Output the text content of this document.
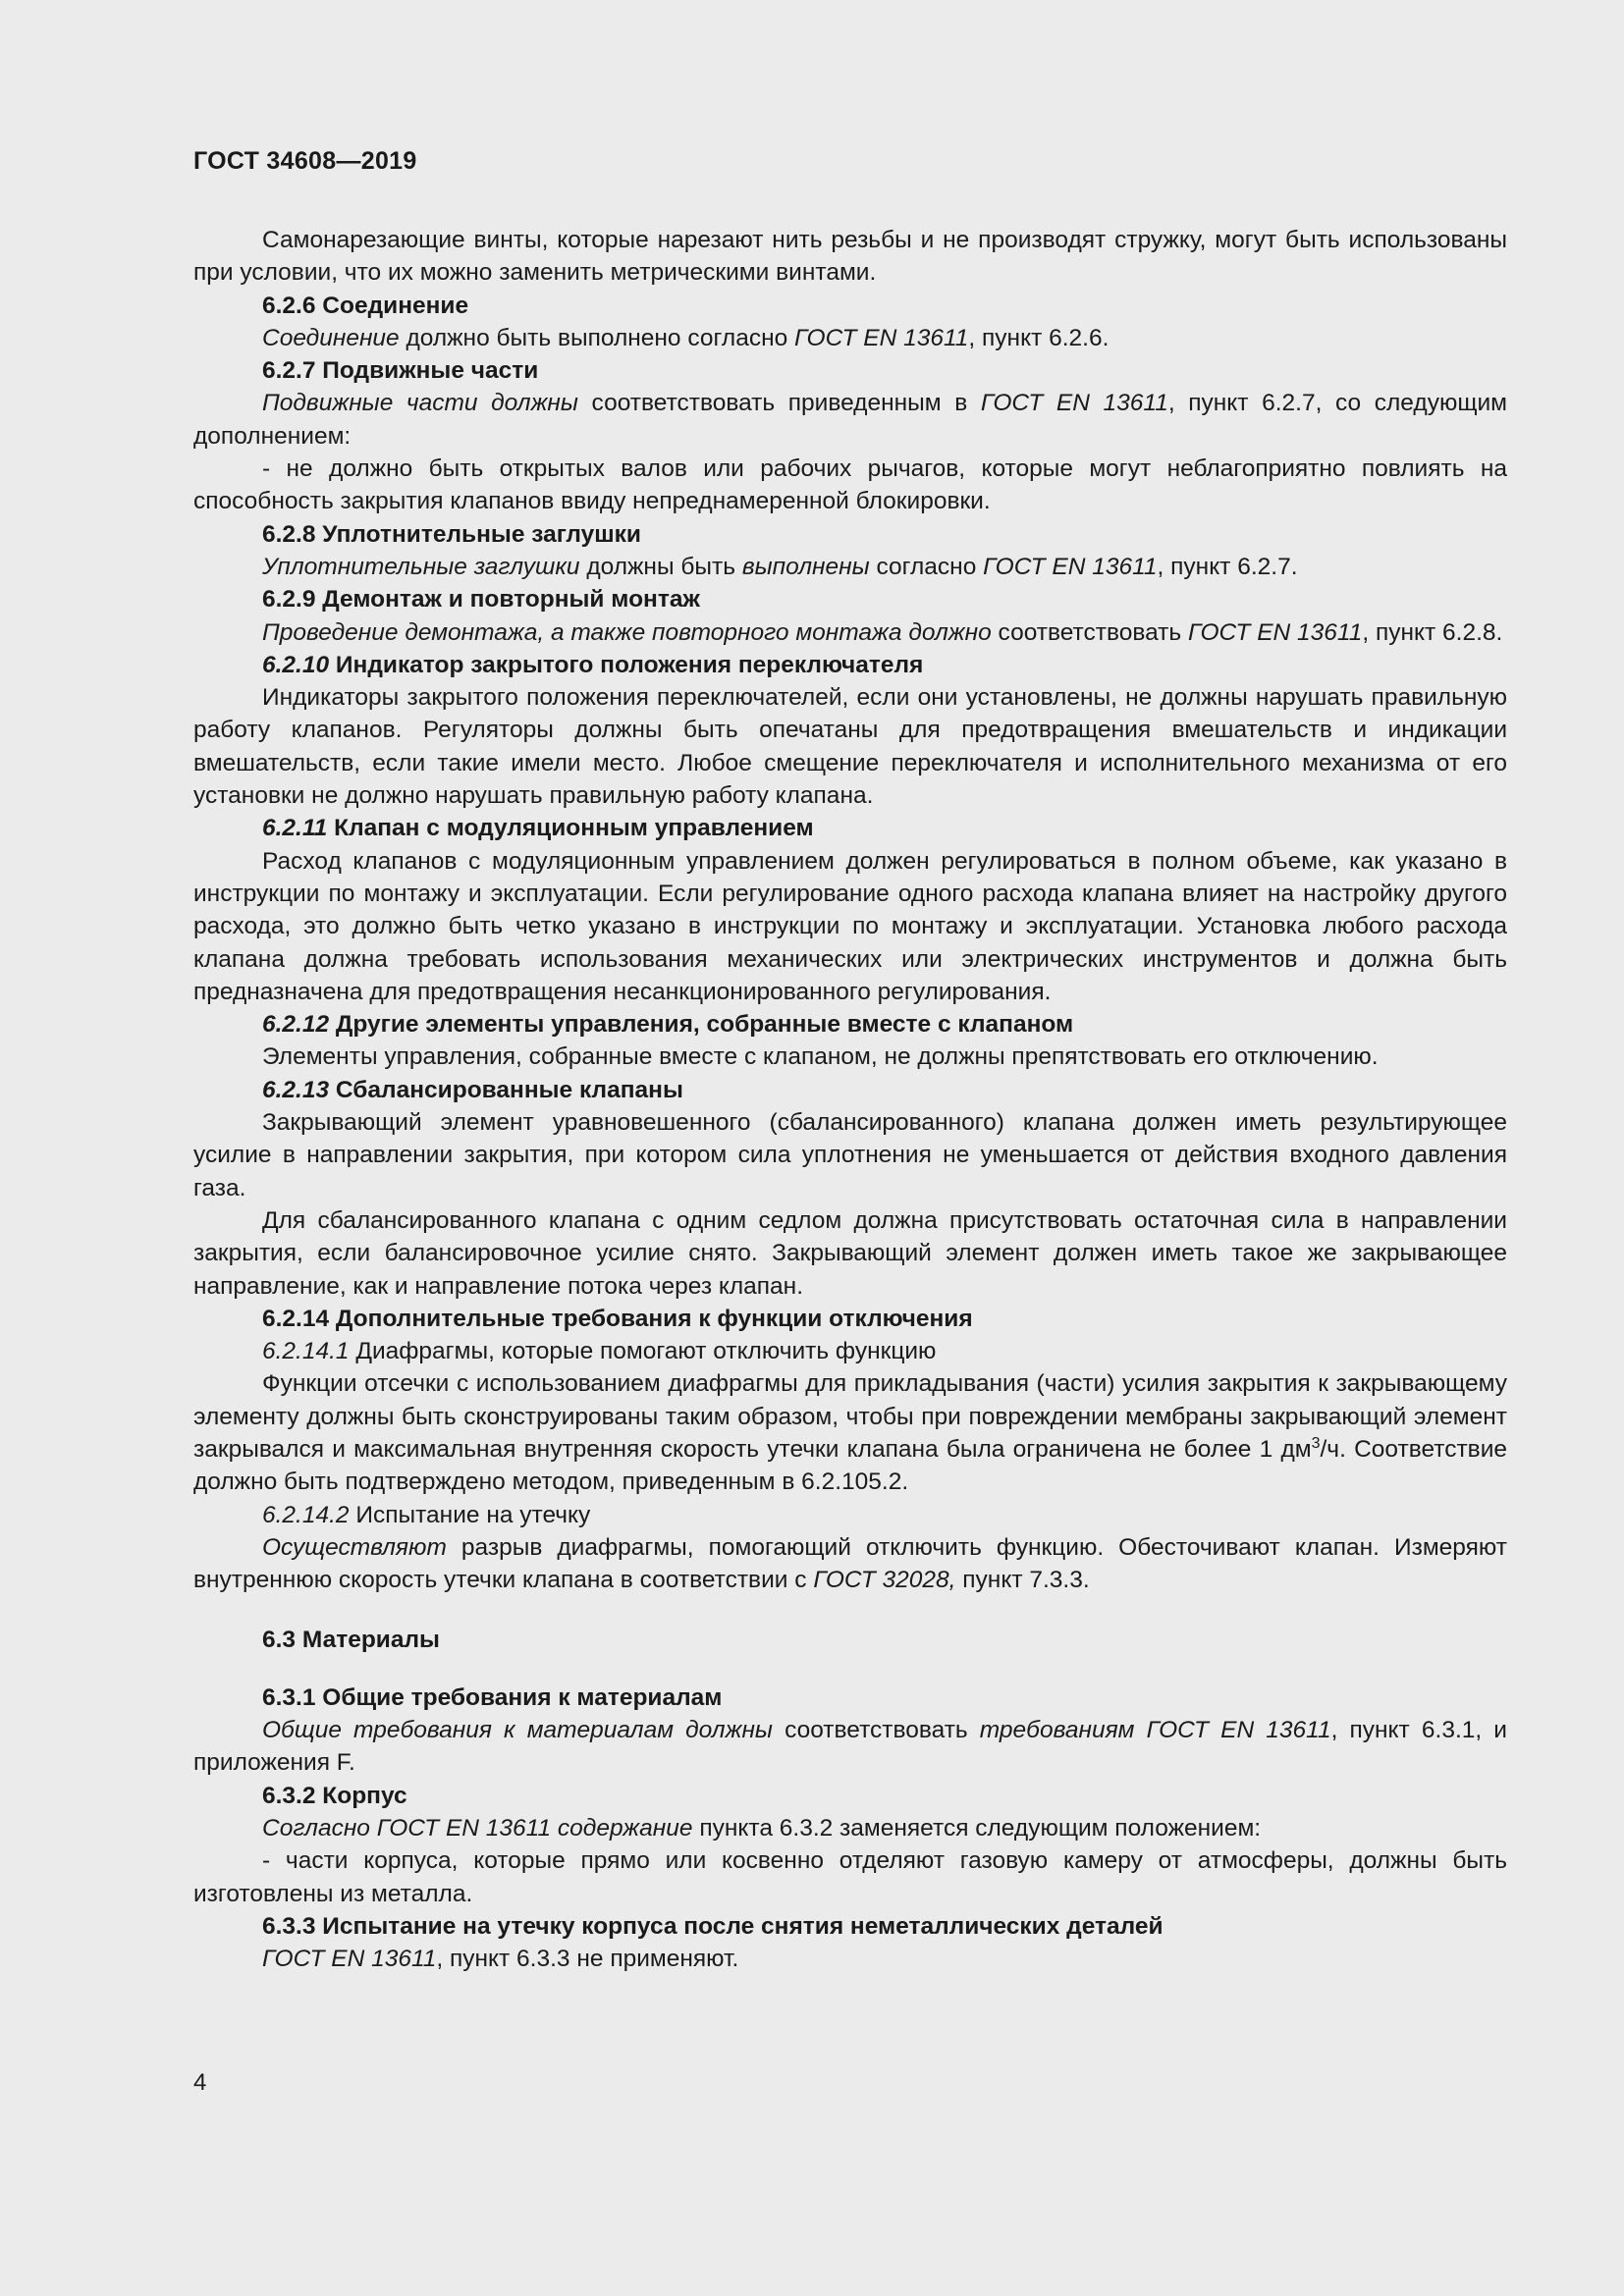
ГОСТ 34608—2019

Самонарезающие винты, которые нарезают нить резьбы и не производят стружку, могут быть использованы при условии, что их можно заменить метрическими винтами.

6.2.6 Соединение

Соединение должно быть выполнено согласно ГОСТ EN 13611, пункт 6.2.6.

6.2.7 Подвижные части

Подвижные части должны соответствовать приведенным в ГОСТ EN 13611, пункт 6.2.7, со следующим дополнением:

- не должно быть открытых валов или рабочих рычагов, которые могут неблагоприятно повлиять на способность закрытия клапанов ввиду непреднамеренной блокировки.

6.2.8 Уплотнительные заглушки

Уплотнительные заглушки должны быть выполнены согласно ГОСТ EN 13611, пункт 6.2.7.

6.2.9 Демонтаж и повторный монтаж

Проведение демонтажа, а также повторного монтажа должно соответствовать ГОСТ EN 13611, пункт 6.2.8.

6.2.10 Индикатор закрытого положения переключателя

Индикаторы закрытого положения переключателей, если они установлены, не должны нарушать правильную работу клапанов. Регуляторы должны быть опечатаны для предотвращения вмешательств и индикации вмешательств, если такие имели место. Любое смещение переключателя и исполнительного механизма от его установки не должно нарушать правильную работу клапана.

6.2.11 Клапан с модуляционным управлением

Расход клапанов с модуляционным управлением должен регулироваться в полном объеме, как указано в инструкции по монтажу и эксплуатации. Если регулирование одного расхода клапана влияет на настройку другого расхода, это должно быть четко указано в инструкции по монтажу и эксплуатации. Установка любого расхода клапана должна требовать использования механических или электрических инструментов и должна быть предназначена для предотвращения несанкционированного регулирования.

6.2.12 Другие элементы управления, собранные вместе с клапаном

Элементы управления, собранные вместе с клапаном, не должны препятствовать его отключению.

6.2.13 Сбалансированные клапаны

Закрывающий элемент уравновешенного (сбалансированного) клапана должен иметь результирующее усилие в направлении закрытия, при котором сила уплотнения не уменьшается от действия входного давления газа.

Для сбалансированного клапана с одним седлом должна присутствовать остаточная сила в направлении закрытия, если балансировочное усилие снято. Закрывающий элемент должен иметь такое же закрывающее направление, как и направление потока через клапан.

6.2.14 Дополнительные требования к функции отключения

6.2.14.1 Диафрагмы, которые помогают отключить функцию

Функции отсечки с использованием диафрагмы для прикладывания (части) усилия закрытия к закрывающему элементу должны быть сконструированы таким образом, чтобы при повреждении мембраны закрывающий элемент закрывался и максимальная внутренняя скорость утечки клапана была ограничена не более 1 $дм^3/ч$. Соответствие должно быть подтверждено методом, приведенным в 6.2.105.2.

6.2.14.2 Испытание на утечку

Осуществляют разрыв диафрагмы, помогающий отключить функцию. Обесточивают клапан. Измеряют внутреннюю скорость утечки клапана в соответствии с ГОСТ 32028, пункт 7.3.3.

6.3 Материалы

6.3.1 Общие требования к материалам

Общие требования к материалам должны соответствовать требованиям ГОСТ EN 13611, пункт 6.3.1, и приложения F.

6.3.2 Корпус

Согласно ГОСТ EN 13611 содержание пункта 6.3.2 заменяется следующим положением:

- части корпуса, которые прямо или косвенно отделяют газовую камеру от атмосферы, должны быть изготовлены из металла.

6.3.3 Испытание на утечку корпуса после снятия неметаллических деталей

ГОСТ EN 13611, пункт 6.3.3 не применяют.

4
